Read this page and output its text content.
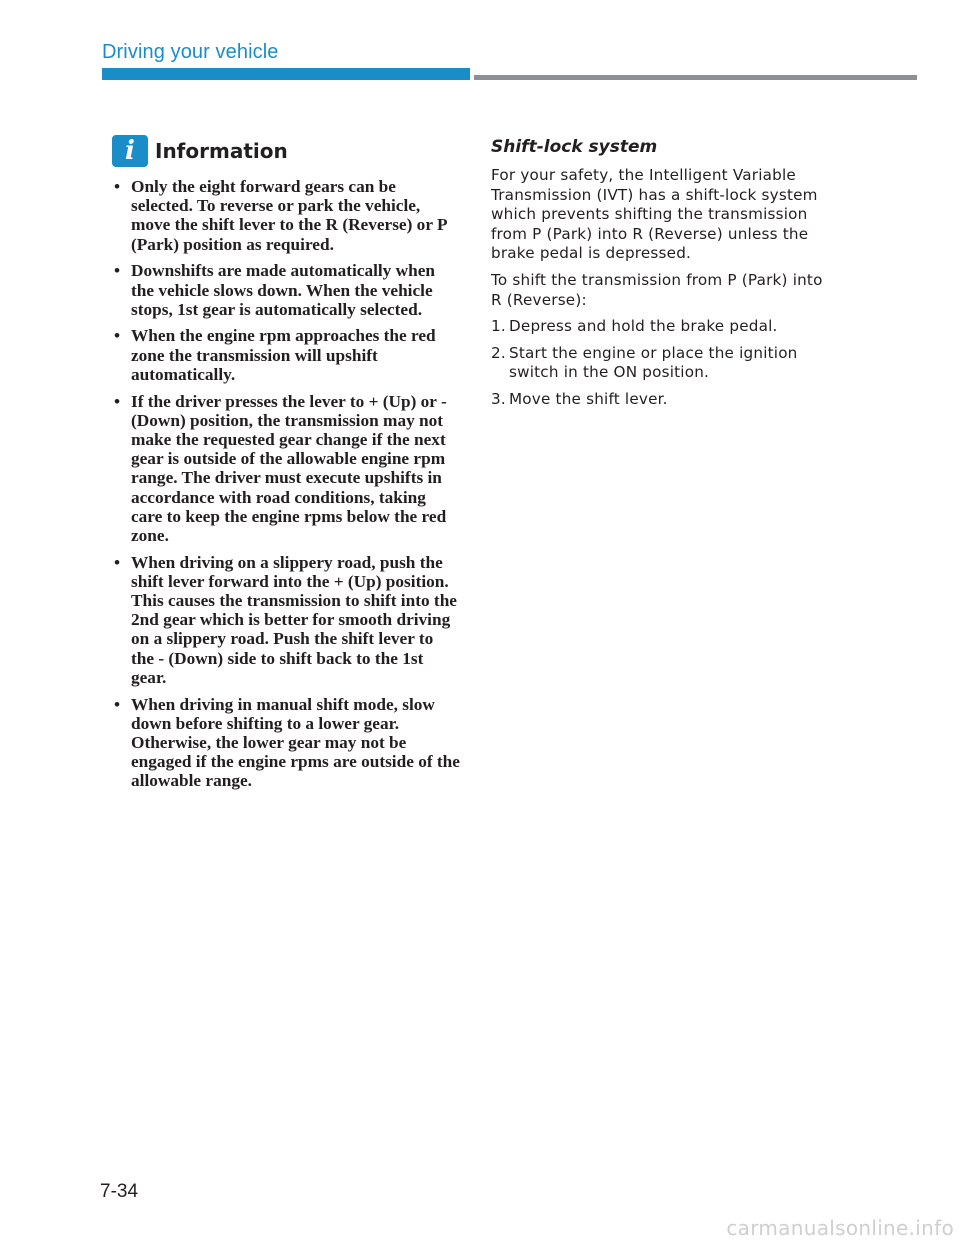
Driving your vehicle
i	Information
• Only the eight forward gears can be selected. To reverse or park the vehicle, move the shift lever to the R (Reverse) or P (Park) position as required.
• Downshifts are made automatically when the vehicle slows down. When the vehicle stops, 1st gear is automatically selected.
• When the engine rpm approaches the red zone the transmission will upshift automatically.
• If the driver presses the lever to + (Up) or - (Down) position, the transmission may not make the requested gear change if the next gear is outside of the allowable engine rpm range. The driver must execute upshifts in accordance with road conditions, taking care to keep the engine rpms below the red zone.
• When driving on a slippery road, push the shift lever forward into the + (Up) position. This causes the transmission to shift into the 2nd gear which is better for smooth driving on a slippery road. Push the shift lever to the - (Down) side to shift back to the 1st gear.
• When driving in manual shift mode, slow down before shifting to a lower gear. Otherwise, the lower gear may not be engaged if the engine rpms are outside of the allowable range.
Shift-lock system

For your safety, the Intelligent Variable Transmission (IVT) has a shift-lock system which prevents shifting the transmission from P (Park) into R (Reverse) unless the brake pedal is depressed.

To shift the transmission from P (Park) into R (Reverse):

1. Depress and hold the brake pedal.
2. Start the engine or place the ignition switch in the ON position.
3. Move the shift lever.
7-34
carmanualsonline.info
